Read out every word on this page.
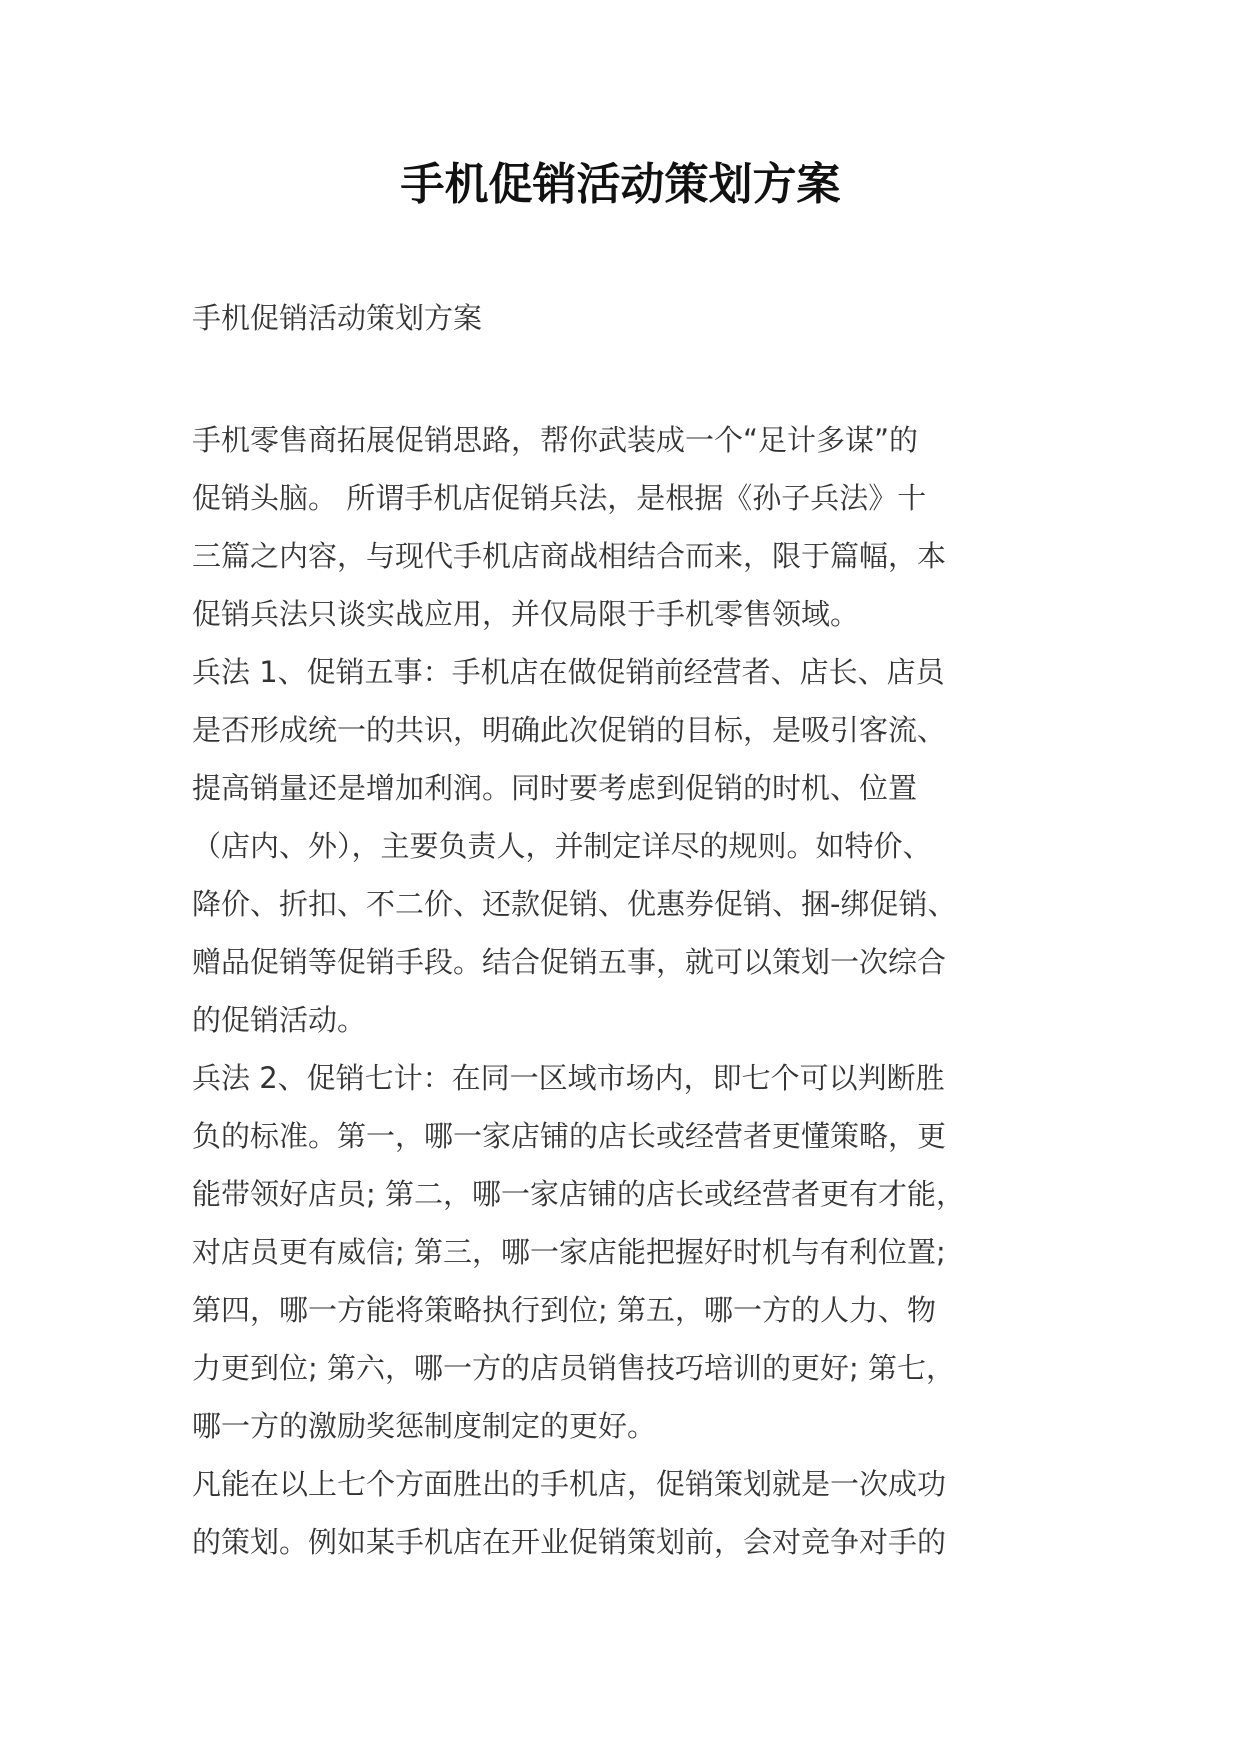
手机促销活动策划方案

手机促销活动策划方案

手机零售商拓展促销思路，帮你武装成一个“足计多谋”的

促销头脑。 所谓手机店促销兵法，是根据《孙子兵法》十

三篇之内容，与现代手机店商战相结合而来，限于篇幅，本

促销兵法只谈实战应用，并仅局限于手机零售领域。

兵法 1、促销五事：手机店在做促销前经营者、店长、店员

是否形成统一的共识，明确此次促销的目标，是吸引客流、

提高销量还是增加利润。同时要考虑到促销的时机、位置

（店内、外），主要负责人，并制定详尽的规则。如特价、

降价、折扣、不二价、还款促销、优惠券促销、捆-绑促销、

赠品促销等促销手段。结合促销五事，就可以策划一次综合

的促销活动。

兵法 2、促销七计：在同一区域市场内，即七个可以判断胜

负的标准。第一，哪一家店铺的店长或经营者更懂策略，更

能带领好店员; 第二，哪一家店铺的店长或经营者更有才能，

对店员更有威信; 第三，哪一家店能把握好时机与有利位置;

第四，哪一方能将策略执行到位; 第五，哪一方的人力、物

力更到位; 第六，哪一方的店员销售技巧培训的更好; 第七，

哪一方的激励奖惩制度制定的更好。

凡能在以上七个方面胜出的手机店，促销策划就是一次成功

的策划。例如某手机店在开业促销策划前，会对竞争对手的
